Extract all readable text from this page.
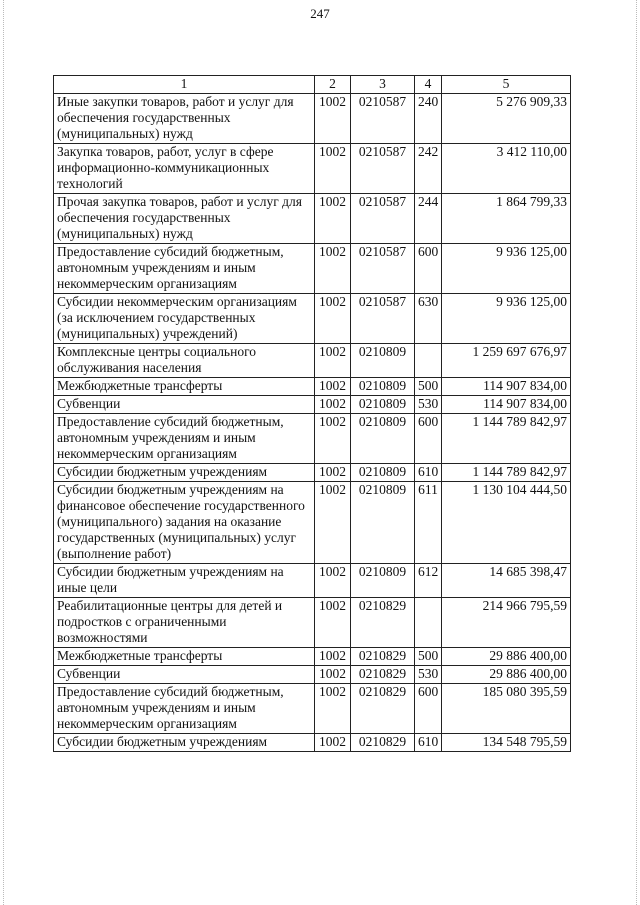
247
1	2	3	4	5
Иные закупки товаров, работ и услуг для обеспечения государственных (муниципальных) нужд	1002	0210587	240	5 276 909,33
Закупка товаров, работ, услуг в сфере информационно-коммуникационных технологий	1002	0210587	242	3 412 110,00
Прочая закупка товаров, работ и услуг для обеспечения государственных (муниципальных) нужд	1002	0210587	244	1 864 799,33
Предоставление субсидий бюджетным, автономным учреждениям и иным некоммерческим организациям	1002	0210587	600	9 936 125,00
Субсидии некоммерческим организациям (за исключением государственных (муниципальных) учреждений)	1002	0210587	630	9 936 125,00
Комплексные центры социального обслуживания населения	1002	0210809		1 259 697 676,97
Межбюджетные трансферты	1002	0210809	500	114 907 834,00
Субвенции	1002	0210809	530	114 907 834,00
Предоставление субсидий бюджетным, автономным учреждениям и иным некоммерческим организациям	1002	0210809	600	1 144 789 842,97
Субсидии бюджетным учреждениям	1002	0210809	610	1 144 789 842,97
Субсидии бюджетным учреждениям на финансовое обеспечение государственного (муниципального) задания на оказание государственных (муниципальных) услуг (выполнение работ)	1002	0210809	611	1 130 104 444,50
Субсидии бюджетным учреждениям на иные цели	1002	0210809	612	14 685 398,47
Реабилитационные центры для детей и подростков с ограниченными возможностями	1002	0210829		214 966 795,59
Межбюджетные трансферты	1002	0210829	500	29 886 400,00
Субвенции	1002	0210829	530	29 886 400,00
Предоставление субсидий бюджетным, автономным учреждениям и иным некоммерческим организациям	1002	0210829	600	185 080 395,59
Субсидии бюджетным учреждениям	1002	0210829	610	134 548 795,59
